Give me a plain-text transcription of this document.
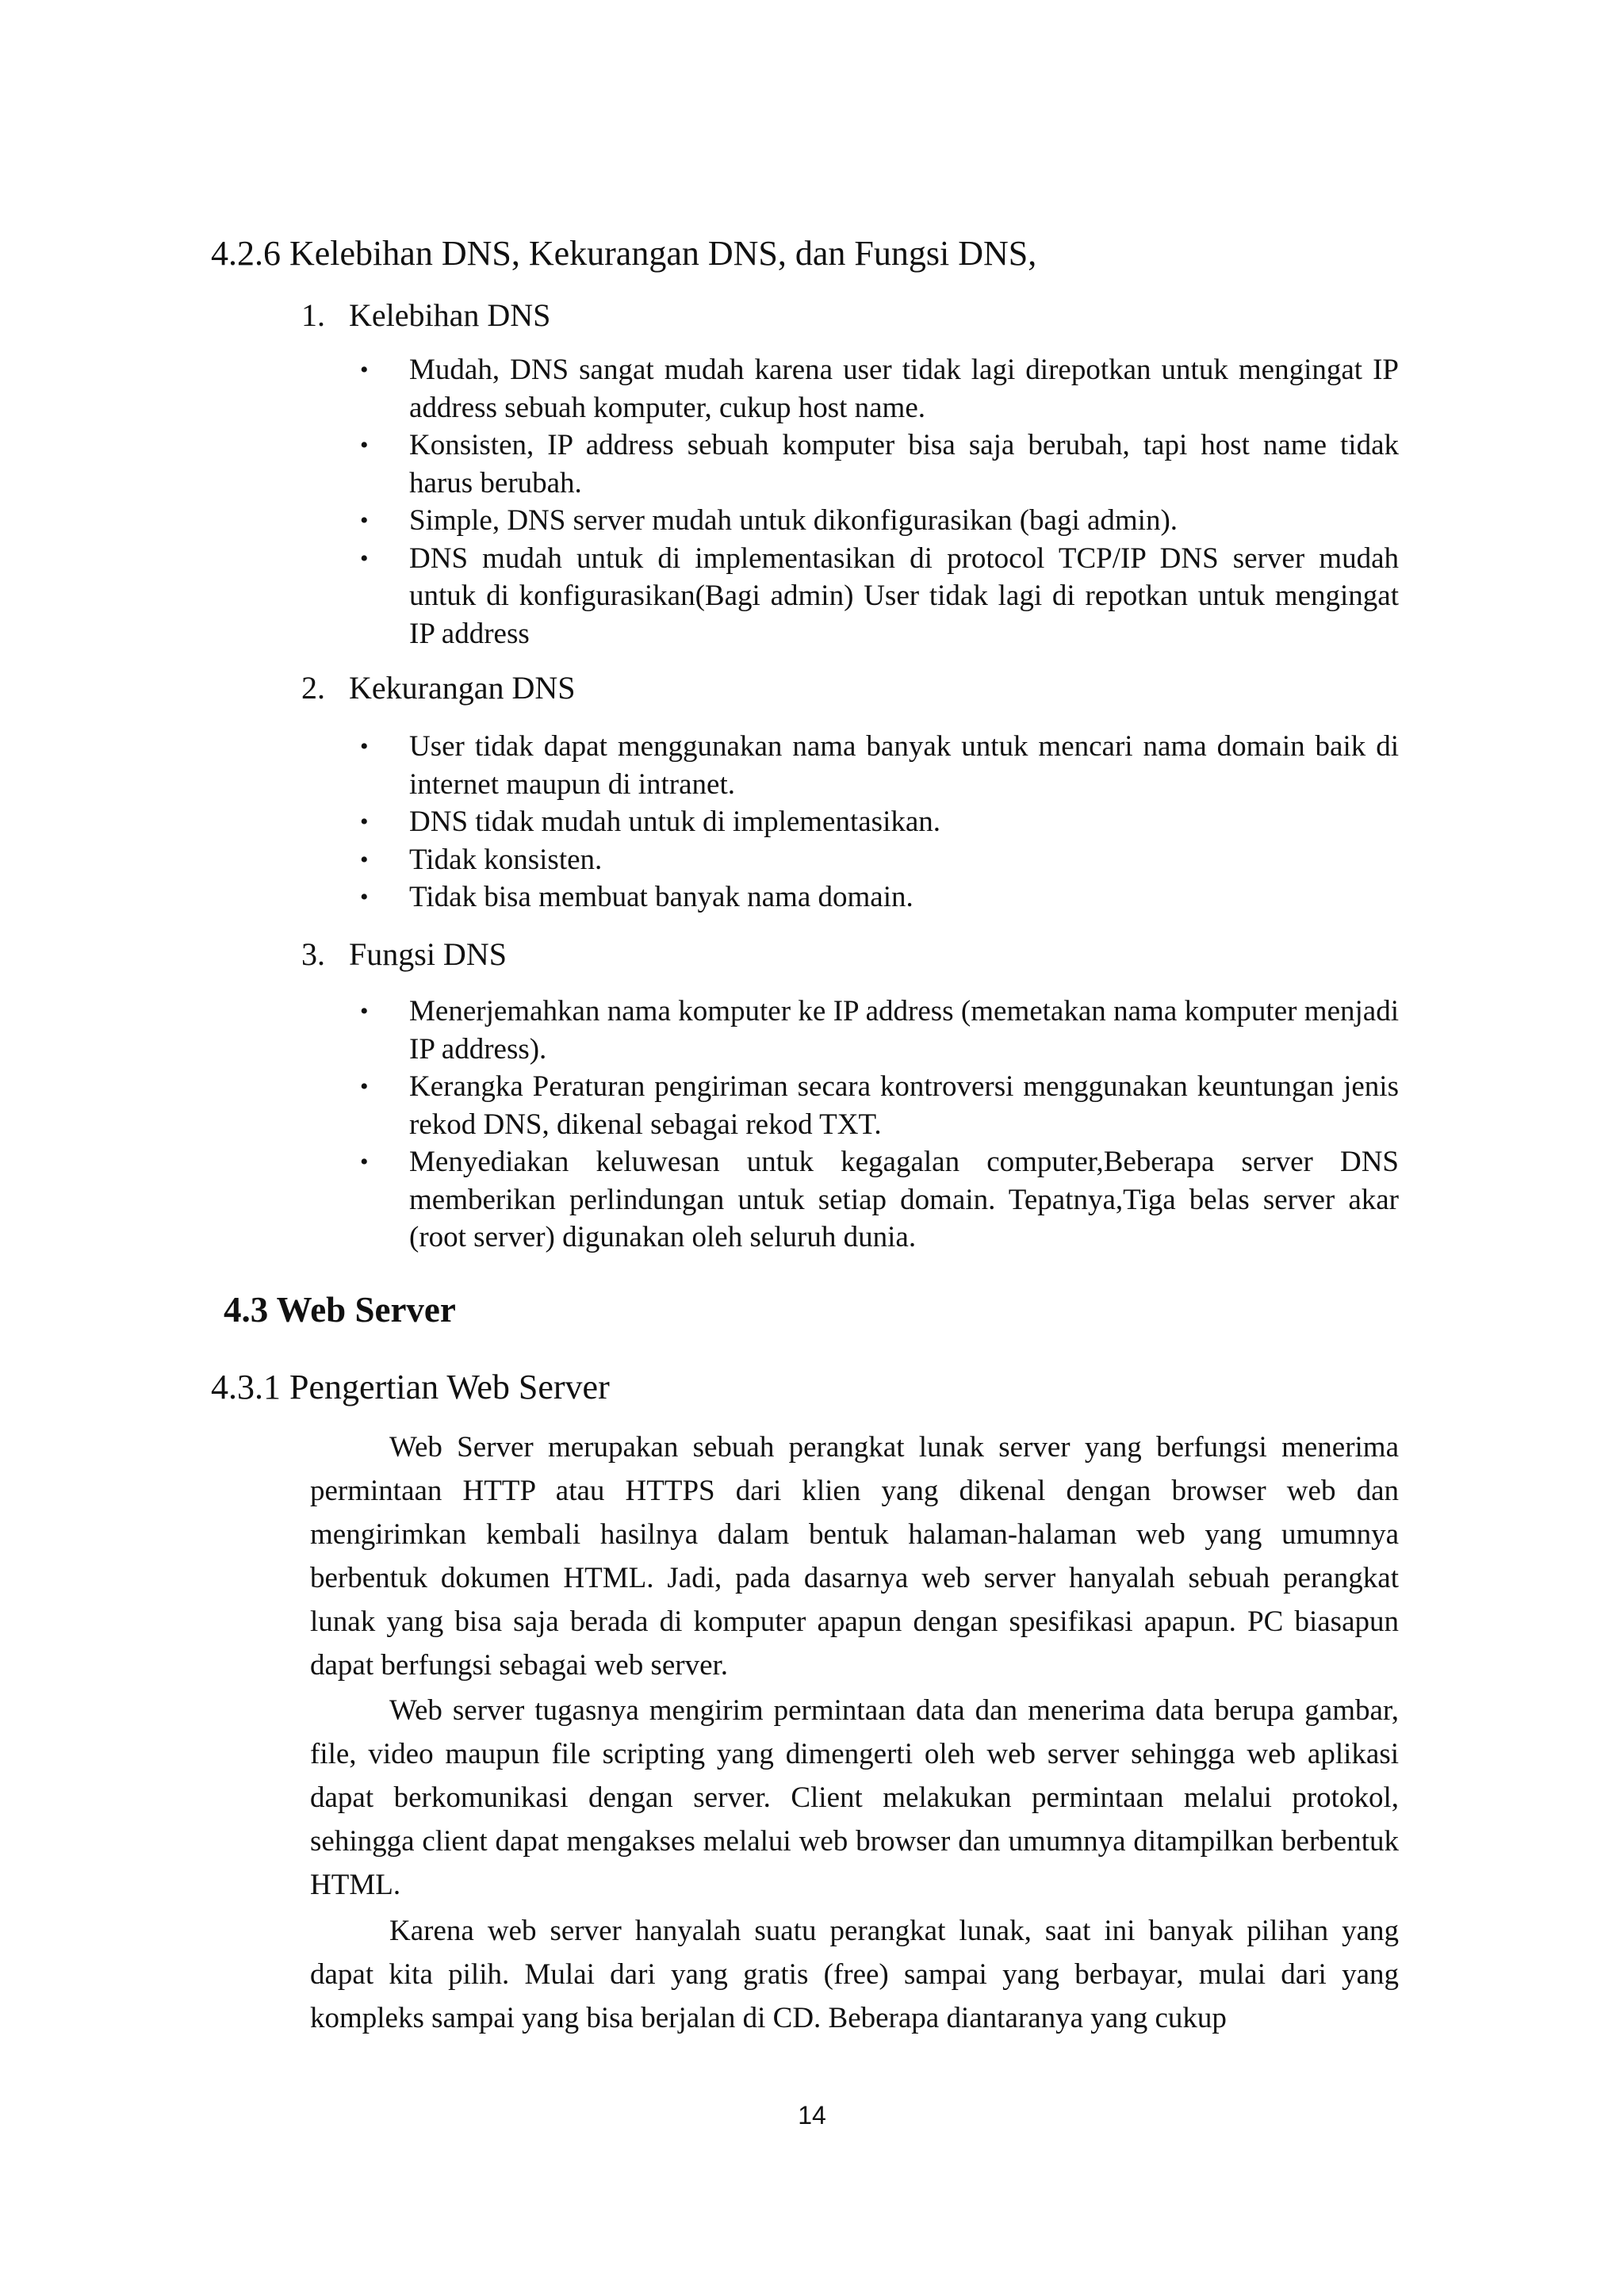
4.2.6 Kelebihan DNS, Kekurangan DNS, dan Fungsi DNS,

1. Kelebihan DNS

• Mudah, DNS sangat mudah karena user tidak lagi direpotkan untuk mengingat IP address sebuah komputer, cukup host name.
• Konsisten, IP address sebuah komputer bisa saja berubah, tapi host name tidak harus berubah.
• Simple, DNS server mudah untuk dikonfigurasikan (bagi admin).
• DNS mudah untuk di implementasikan di protocol TCP/IP DNS server mudah untuk di konfigurasikan(Bagi admin) User tidak lagi di repotkan untuk mengingat IP address

2. Kekurangan DNS

• User tidak dapat menggunakan nama banyak untuk mencari nama domain baik di internet maupun di intranet.
• DNS tidak mudah untuk di implementasikan.
• Tidak konsisten.
• Tidak bisa membuat banyak nama domain.

3. Fungsi DNS

• Menerjemahkan nama komputer ke IP address (memetakan nama komputer menjadi IP address).
• Kerangka Peraturan pengiriman secara kontroversi menggunakan keuntungan jenis rekod DNS, dikenal sebagai rekod TXT.
• Menyediakan keluwesan untuk kegagalan computer,Beberapa server DNS memberikan perlindungan untuk setiap domain. Tepatnya,Tiga belas server akar (root server) digunakan oleh seluruh dunia.
4.3 Web Server
4.3.1 Pengertian Web Server

Web Server merupakan sebuah perangkat lunak server yang berfungsi menerima permintaan HTTP atau HTTPS dari klien yang dikenal dengan browser web dan mengirimkan kembali hasilnya dalam bentuk halaman-halaman web yang umumnya berbentuk dokumen HTML. Jadi, pada dasarnya web server hanyalah sebuah perangkat lunak yang bisa saja berada di komputer apapun dengan spesifikasi apapun. PC biasapun dapat berfungsi sebagai web server.

Web server tugasnya mengirim permintaan data dan menerima data berupa gambar, file, video maupun file scripting yang dimengerti oleh web server sehingga web aplikasi dapat berkomunikasi dengan server. Client melakukan permintaan melalui protokol, sehingga client dapat mengakses melalui web browser dan umumnya ditampilkan berbentuk HTML.

Karena web server hanyalah suatu perangkat lunak, saat ini banyak pilihan yang dapat kita pilih. Mulai dari yang gratis (free) sampai yang berbayar, mulai dari yang kompleks sampai yang bisa berjalan di CD. Beberapa diantaranya yang cukup

14
